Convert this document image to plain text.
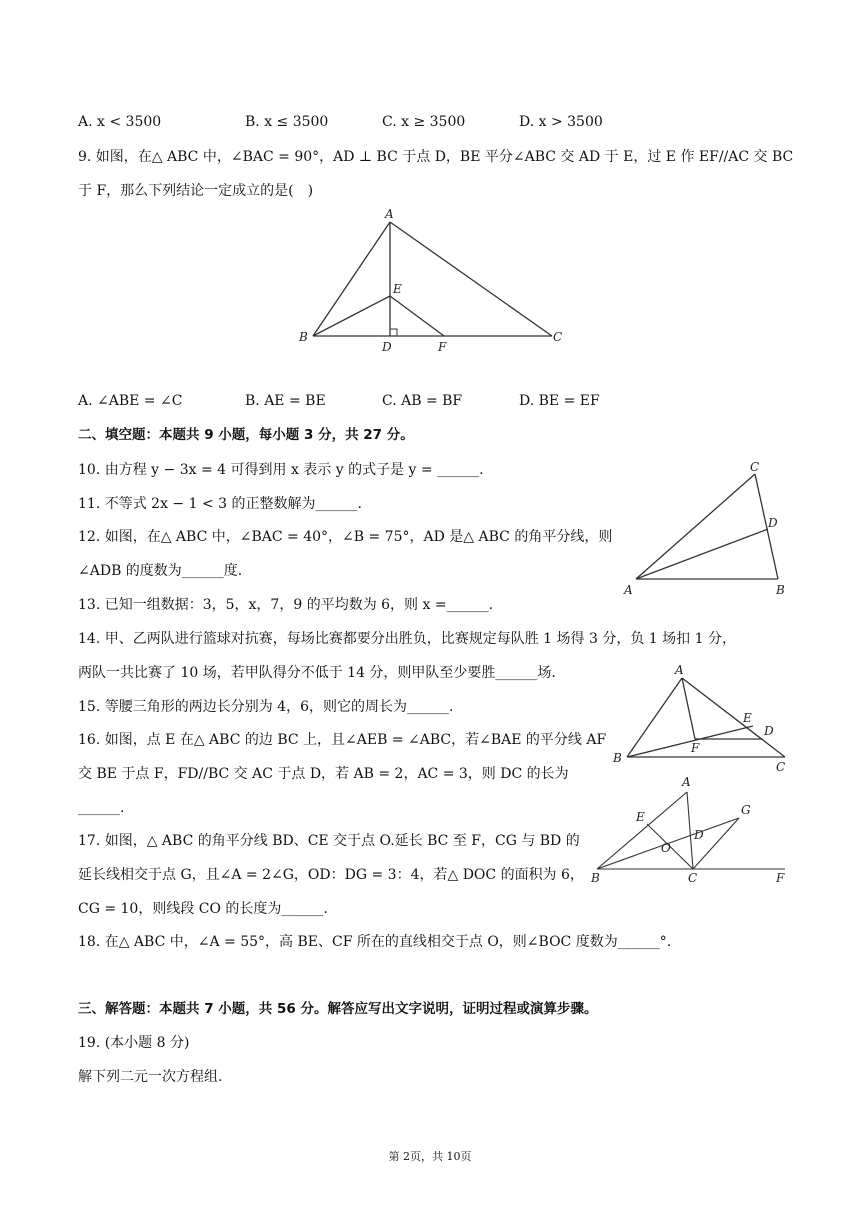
A. x < 3500	B. x ≤ 3500	C. x ≥ 3500	D. x > 3500
9. 如图，在△ ABC 中，∠BAC = 90°，AD ⊥ BC 于点 D，BE 平分∠ABC 交 AD 于 E，过 E 作 EF//AC 交 BC
于 F，那么下列结论一定成立的是(　)
A
B	C
D
E
F
A. ∠ABE = ∠C	B. AE = BE	C. AB = BF	D. BE = EF
二、填空题：本题共 9 小题，每小题 3 分，共 27 分。
10. 由方程 y − 3x = 4 可得到用 x 表示 y 的式子是 y = ______.
11. 不等式 2x − 1 < 3 的正整数解为______.
12. 如图，在△ ABC 中，∠BAC = 40°，∠B = 75°，AD 是△ ABC 的角平分线，则
∠ADB 的度数为______度.
A	B
C
D
13. 已知一组数据：3，5，x，7，9 的平均数为 6，则 x =______.
14. 甲、乙两队进行篮球对抗赛，每场比赛都要分出胜负，比赛规定每队胜 1 场得 3 分，负 1 场扣 1 分，
两队一共比赛了 10 场，若甲队得分不低于 14 分，则甲队至少要胜______场.
15. 等腰三角形的两边长分别为 4，6，则它的周长为______.
16. 如图，点 E 在△ ABC 的边 BC 上，且∠AEB = ∠ABC，若∠BAE 的平分线 AF
交 BE 于点 F，FD//BC 交 AC 于点 D，若 AB = 2，AC = 3，则 DC 的长为
______.
A
B
C
D
E
F
17. 如图，△ ABC 的角平分线 BD、CE 交于点 O.延长 BC 至 F，CG 与 BD 的
延长线相交于点 G，且∠A = 2∠G，OD：DG = 3：4，若△ DOC 的面积为 6，
CG = 10，则线段 CO 的长度为______.
A
B	C
D
E
F
G
O
18. 在△ ABC 中，∠A = 55°，高 BE、CF 所在的直线相交于点 O，则∠BOC 度数为______°.
三、解答题：本题共 7 小题，共 56 分。解答应写出文字说明，证明过程或演算步骤。
19. (本小题 8 分)
解下列二元一次方程组.
第 2页，共 10页
